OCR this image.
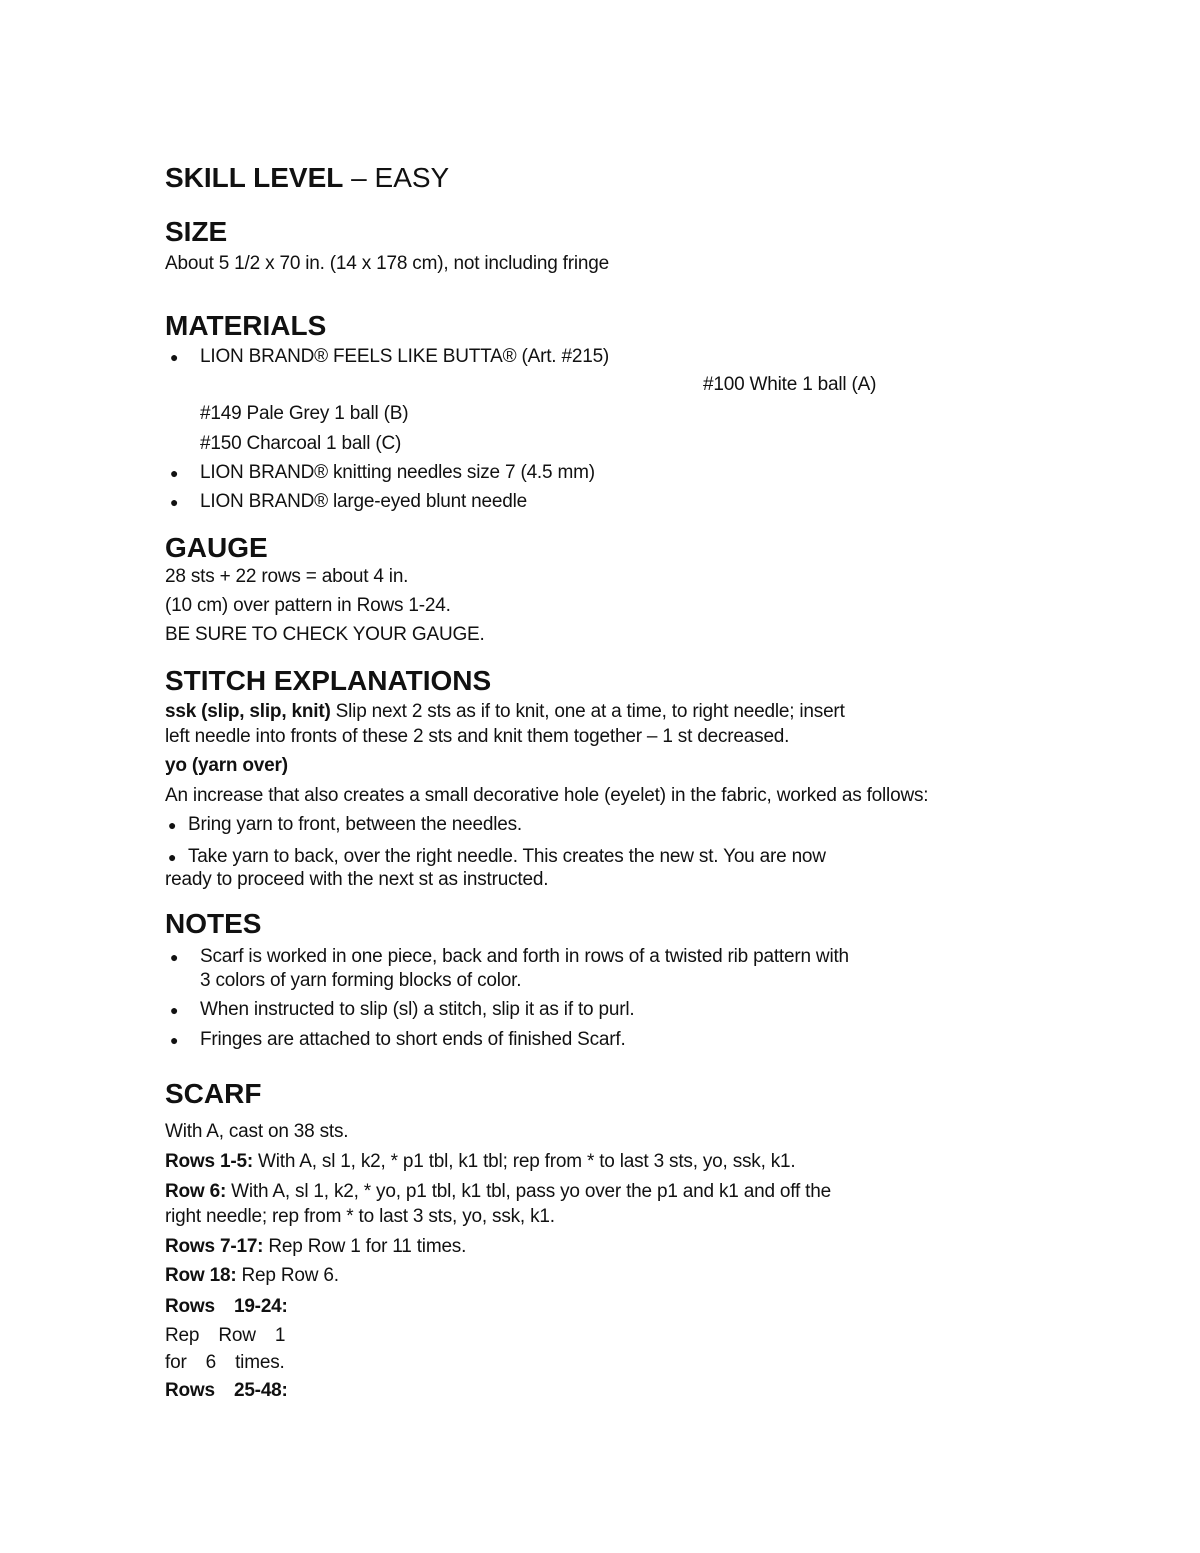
SKILL LEVEL – EASY
SIZE
About 5 1/2 x 70 in. (14 x 178 cm), not including fringe
MATERIALS
● LION BRAND® FEELS LIKE BUTTA® (Art. #215)
#100 White 1 ball (A)
#149 Pale Grey 1 ball (B)
#150 Charcoal 1 ball (C)
● LION BRAND® knitting needles size 7 (4.5 mm)
● LION BRAND® large-eyed blunt needle
GAUGE
28 sts + 22 rows = about 4 in.
(10 cm) over pattern in Rows 1-24.
BE SURE TO CHECK YOUR GAUGE.
STITCH EXPLANATIONS
ssk (slip, slip, knit) Slip next 2 sts as if to knit, one at a time, to right needle; insert
left needle into fronts of these 2 sts and knit them together – 1 st decreased.
yo (yarn over)
An increase that also creates a small decorative hole (eyelet) in the fabric, worked as follows:
● Bring yarn to front, between the needles.
● Take yarn to back, over the right needle. This creates the new st. You are now
ready to proceed with the next st as instructed.
NOTES
● Scarf is worked in one piece, back and forth in rows of a twisted rib pattern with
3 colors of yarn forming blocks of color.
● When instructed to slip (sl) a stitch, slip it as if to purl.
● Fringes are attached to short ends of finished Scarf.
SCARF
With A, cast on 38 sts.
Rows 1-5: With A, sl 1, k2, * p1 tbl, k1 tbl; rep from * to last 3 sts, yo, ssk, k1.
Row 6: With A, sl 1, k2, * yo, p1 tbl, k1 tbl, pass yo over the p1 and k1 and off the
right needle; rep from * to last 3 sts, yo, ssk, k1.
Rows 7-17: Rep Row 1 for 11 times.
Row 18: Rep Row 6.
Rows 19-24:
Rep Row 1
for 6 times.
Rows 25-48:
